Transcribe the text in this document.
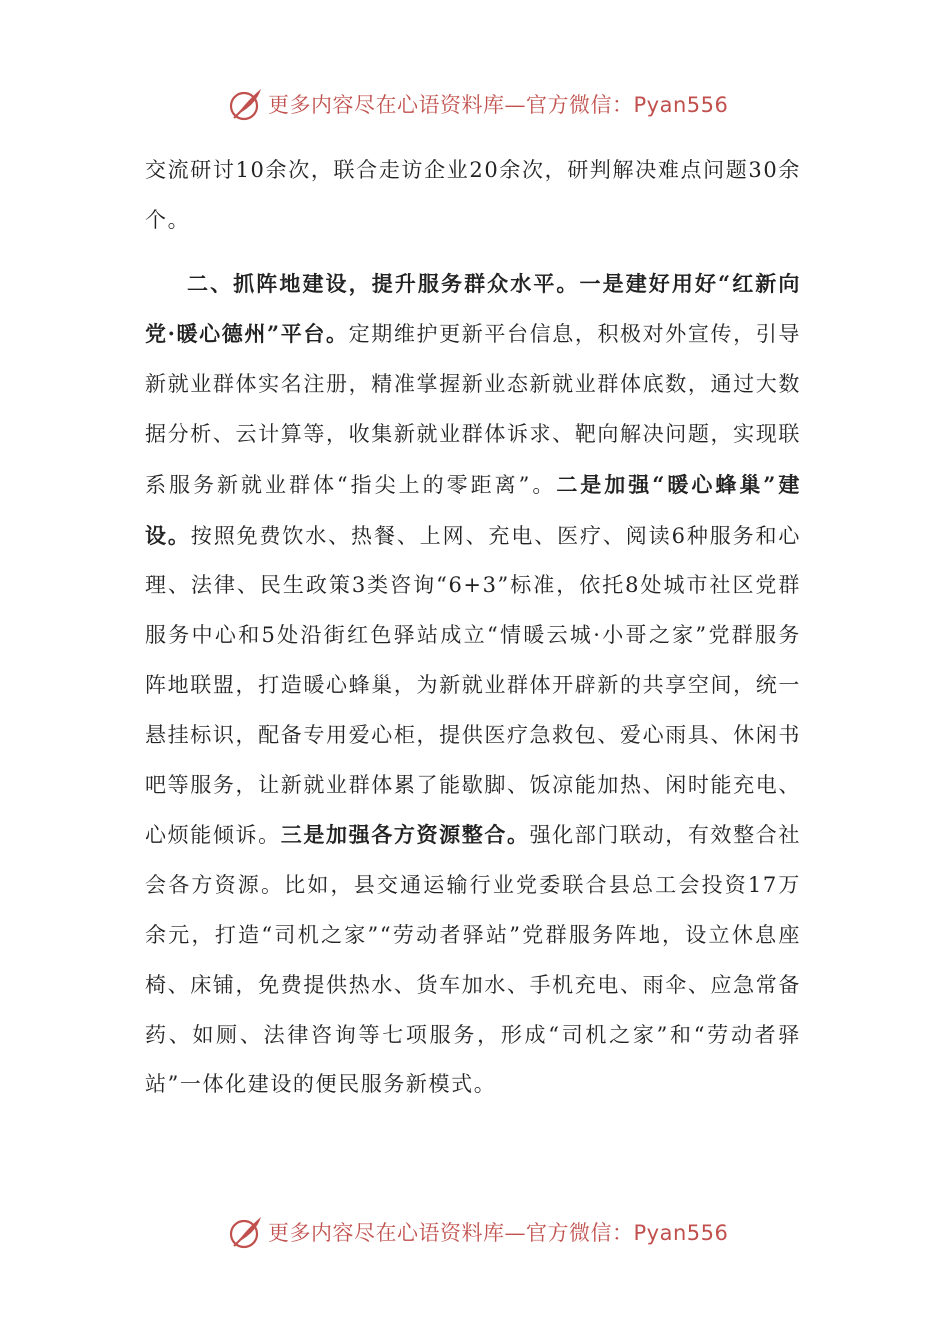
更多内容尽在心语资料库—官方微信：Pyan556

交流研讨10余次，联合走访企业20余次，研判解决难点问题30余个。

二、抓阵地建设，提升服务群众水平。一是建好用好“红新向党·暖心德州”平台。定期维护更新平台信息，积极对外宣传，引导新就业群体实名注册，精准掌握新业态新就业群体底数，通过大数据分析、云计算等，收集新就业群体诉求、靶向解决问题，实现联系服务新就业群体“指尖上的零距离”。二是加强“暖心蜂巢”建设。按照免费饮水、热餐、上网、充电、医疗、阅读6种服务和心理、法律、民生政策3类咨询“6+3”标准，依托8处城市社区党群服务中心和5处沿街红色驿站成立“情暖云城·小哥之家”党群服务阵地联盟，打造暖心蜂巢，为新就业群体开辟新的共享空间，统一悬挂标识，配备专用爱心柜，提供医疗急救包、爱心雨具、休闲书吧等服务，让新就业群体累了能歇脚、饭凉能加热、闲时能充电、心烦能倾诉。三是加强各方资源整合。强化部门联动，有效整合社会各方资源。比如，县交通运输行业党委联合县总工会投资17万余元，打造“司机之家”“劳动者驿站”党群服务阵地，设立休息座椅、床铺，免费提供热水、货车加水、手机充电、雨伞、应急常备药、如厕、法律咨询等七项服务，形成“司机之家”和“劳动者驿站”一体化建设的便民服务新模式。

更多内容尽在心语资料库—官方微信：Pyan556
